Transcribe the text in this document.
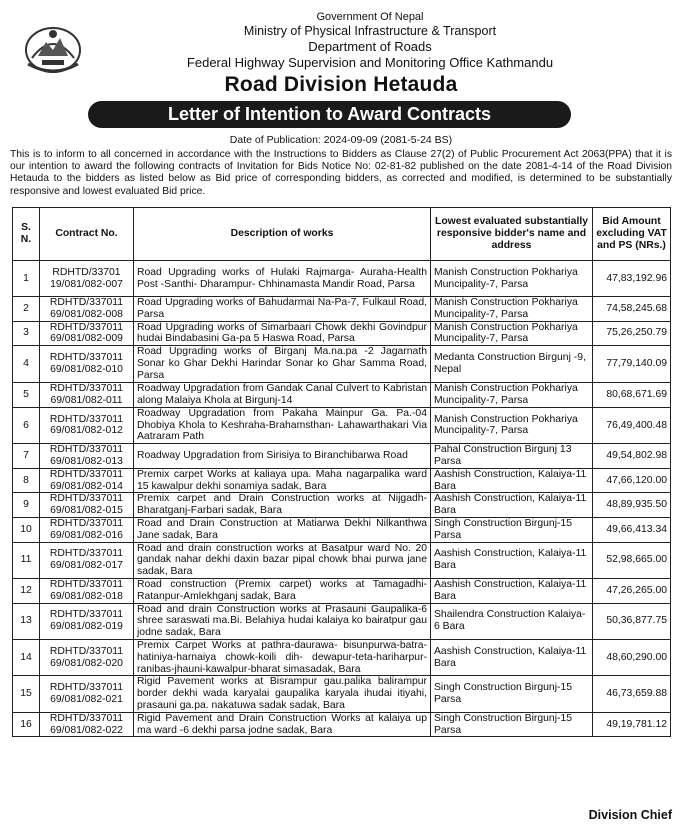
Government Of Nepal
Ministry of Physical Infrastructure & Transport
Department of Roads
Federal Highway Supervision and Monitoring Office Kathmandu
Road Division Hetauda
Letter of Intention to Award Contracts
Date of Publication: 2024-09-09 (2081-5-24 BS)
This is to inform to all concerned in accordance with the Instructions to Bidders as Clause 27(2) of Public Procurement Act 2063(PPA) that it is our intention to award the following contracts of Invitation for Bids Notice No: 02-81-82 published on the date 2081-4-14 of the Road Division Hetauda to the bidders as listed below as Bid price of corresponding bidders, as corrected and modified, is determined to be substantially responsive and lowest evaluated Bid price.
S. N.	Contract No.	Description of works	Lowest evaluated substantially responsive bidder's name and address	Bid Amount excluding VAT and PS (NRs.)
1	RDHTD/33701 19/081/082-007	Road Upgrading works of Hulaki Rajmarga- Auraha-Health Post -Santhi- Dharampur- Chhinamasta Mandir Road, Parsa	Manish Construction Pokhariya Muncipality-7, Parsa	47,83,192.96
2	RDHTD/337011 69/081/082-008	Road Upgrading works of Bahudarmai Na-Pa-7, Fulkaul Road, Parsa	Manish Construction Pokhariya Muncipality-7, Parsa	74,58,245.68
3	RDHTD/337011 69/081/082-009	Road Upgrading works of Simarbaari Chowk dekhi Govindpur hudai Bindabasini Ga-pa 5 Haswa Road, Parsa	Manish Construction Pokhariya Muncipality-7, Parsa	75,26,250.79
4	RDHTD/337011 69/081/082-010	Road Upgrading works of Birganj Ma.na.pa -2 Jagarnath Sonar ko Ghar Dekhi Harindar Sonar ko Ghar Samma Road, Parsa	Medanta Construction Birgunj -9, Nepal	77,79,140.09
5	RDHTD/337011 69/081/082-011	Roadway Upgradation from Gandak Canal Culvert to Kabristan along Malaiya Khola at Birgunj-14	Manish Construction Pokhariya Muncipality-7, Parsa	80,68,671.69
6	RDHTD/337011 69/081/082-012	Roadway Upgradation from Pakaha Mainpur Ga. Pa.-04 Dhobiya Khola to Keshraha-Brahamsthan- Lahawarthakari Via Aatraram Path	Manish Construction Pokhariya Muncipality-7, Parsa	76,49,400.48
7	RDHTD/337011 69/081/082-013	Roadway Upgradation from Sirisiya to Biranchibarwa Road	Pahal Construction Birgunj 13 Parsa	49,54,802.98
8	RDHTD/337011 69/081/082-014	Premix carpet Works at kaliaya upa. Maha nagarpalika ward 15 kawalpur dekhi sonamiya sadak, Bara	Aashish Construction, Kalaiya-11 Bara	47,66,120.00
9	RDHTD/337011 69/081/082-015	Premix carpet and Drain Construction works at Nijgadh-Bharatganj-Farbari sadak, Bara	Aashish Construction, Kalaiya-11 Bara	48,89,935.50
10	RDHTD/337011 69/081/082-016	Road and Drain Construction at Matiarwa Dekhi Nilkanthwa Jane sadak, Bara	Singh Construction Birgunj-15 Parsa	49,66,413.34
11	RDHTD/337011 69/081/082-017	Road and drain construction works at Basatpur ward No. 20 gandak nahar dekhi daxin bazar pipal chowk bhai purwa jane sadak, Bara	Aashish Construction, Kalaiya-11 Bara	52,98,665.00
12	RDHTD/337011 69/081/082-018	Road construction (Premix carpet) works at Tamagadhi-Ratanpur-Amlekhganj sadak, Bara	Aashish Construction, Kalaiya-11 Bara	47,26,265.00
13	RDHTD/337011 69/081/082-019	Road and drain Construction works at Prasauni Gaupalika-6 shree saraswati ma.Bi. Belahiya hudai kalaiya ko bairatpur gau jodne sadak, Bara	Shailendra Construction Kalaiya-6 Bara	50,36,877.75
14	RDHTD/337011 69/081/082-020	Premix Carpet Works at pathra-daurawa- bisunpurwa-batra-hatiniya-harnaiya chowk-koili dih- dewapur-teta-hariharpur-ranibas-jhauni-kawalpur-bharat simasadak, Bara	Aashish Construction, Kalaiya-11 Bara	48,60,290.00
15	RDHTD/337011 69/081/082-021	Rigid Pavement works at Bisrampur gau.palika balirampur border dekhi wada karyalai gaupalika karyala ihudai itiyahi, prasauni ga.pa. nakatuwa sadak sadak, Bara	Singh Construction Birgunj-15 Parsa	46,73,659.88
16	RDHTD/337011 69/081/082-022	Rigid Pavement and Drain Construction Works at kalaiya up ma ward -6 dekhi parsa jodne sadak, Bara	Singh Construction Birgunj-15 Parsa	49,19,781.12
Division Chief
